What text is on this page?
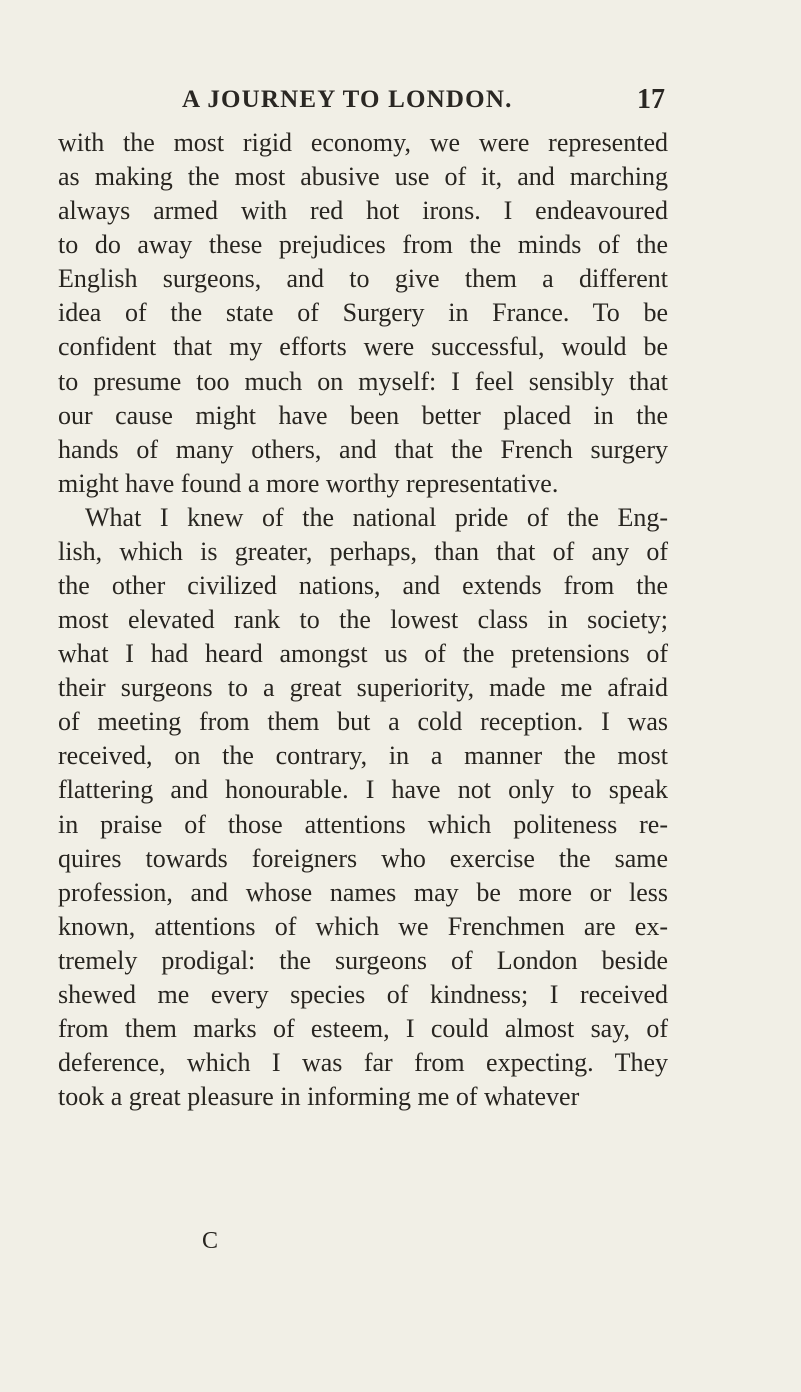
A JOURNEY TO LONDON.	17
with the most rigid economy, we were represented
as making the most abusive use of it, and marching
always armed with red hot irons. I endeavoured
to do away these prejudices from the minds of the
English surgeons, and to give them a different
idea of the state of Surgery in France. To be
confident that my efforts were successful, would be
to presume too much on myself: I feel sensibly that
our cause might have been better placed in the
hands of many others, and that the French surgery
might have found a more worthy representative.
What I knew of the national pride of the Eng-
lish, which is greater, perhaps, than that of any of
the other civilized nations, and extends from the
most elevated rank to the lowest class in society;
what I had heard amongst us of the pretensions of
their surgeons to a great superiority, made me afraid
of meeting from them but a cold reception. I was
received, on the contrary, in a manner the most
flattering and honourable. I have not only to speak
in praise of those attentions which politeness re-
quires towards foreigners who exercise the same
profession, and whose names may be more or less
known, attentions of which we Frenchmen are ex-
tremely prodigal: the surgeons of London beside
shewed me every species of kindness; I received
from them marks of esteem, I could almost say, of
deference, which I was far from expecting. They
took a great pleasure in informing me of whatever
C
